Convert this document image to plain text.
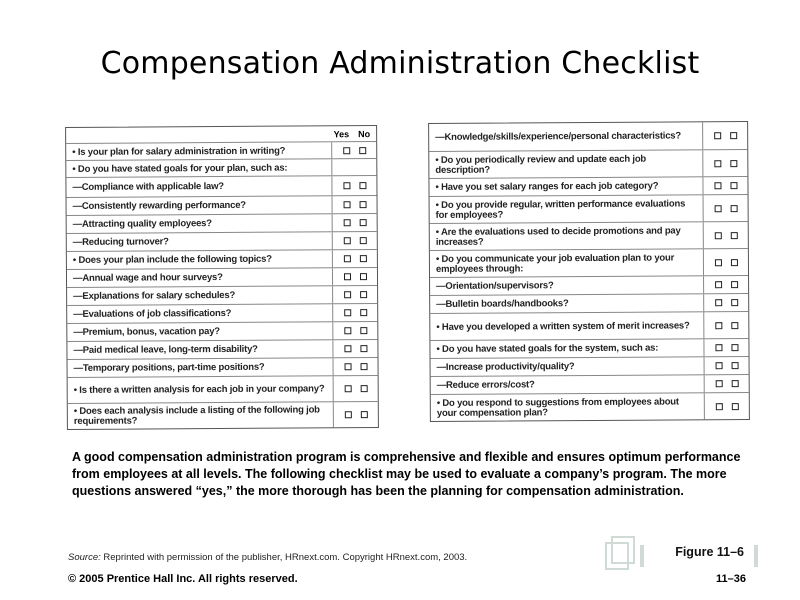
Compensation Administration Checklist
Yes No
• Is your plan for salary administration in writing?
• Do you have stated goals for your plan, such as:
—Compliance with applicable law?
—Consistently rewarding performance?
—Attracting quality employees?
—Reducing turnover?
• Does your plan include the following topics?
—Annual wage and hour surveys?
—Explanations for salary schedules?
—Evaluations of job classifications?
—Premium, bonus, vacation pay?
—Paid medical leave, long-term disability?
—Temporary positions, part-time positions?
• Is there a written analysis for each job in your company?
• Does each analysis include a listing of the following job requirements?
—Knowledge/skills/experience/personal characteristics?
• Do you periodically review and update each job description?
• Have you set salary ranges for each job category?
• Do you provide regular, written performance evaluations for employees?
• Are the evaluations used to decide promotions and pay increases?
• Do you communicate your job evaluation plan to your employees through:
—Orientation/supervisors?
—Bulletin boards/handbooks?
• Have you developed a written system of merit increases?
• Do you have stated goals for the system, such as:
—Increase productivity/quality?
—Reduce errors/cost?
• Do you respond to suggestions from employees about your compensation plan?
A good compensation administration program is comprehensive and flexible and ensures optimum performance from employees at all levels. The following checklist may be used to evaluate a company’s program. The more questions answered “yes,” the more thorough has been the planning for compensation administration.
Source: Reprinted with permission of the publisher, HRnext.com. Copyright HRnext.com, 2003.	Figure 11–6
© 2005 Prentice Hall Inc. All rights reserved.	11–36
